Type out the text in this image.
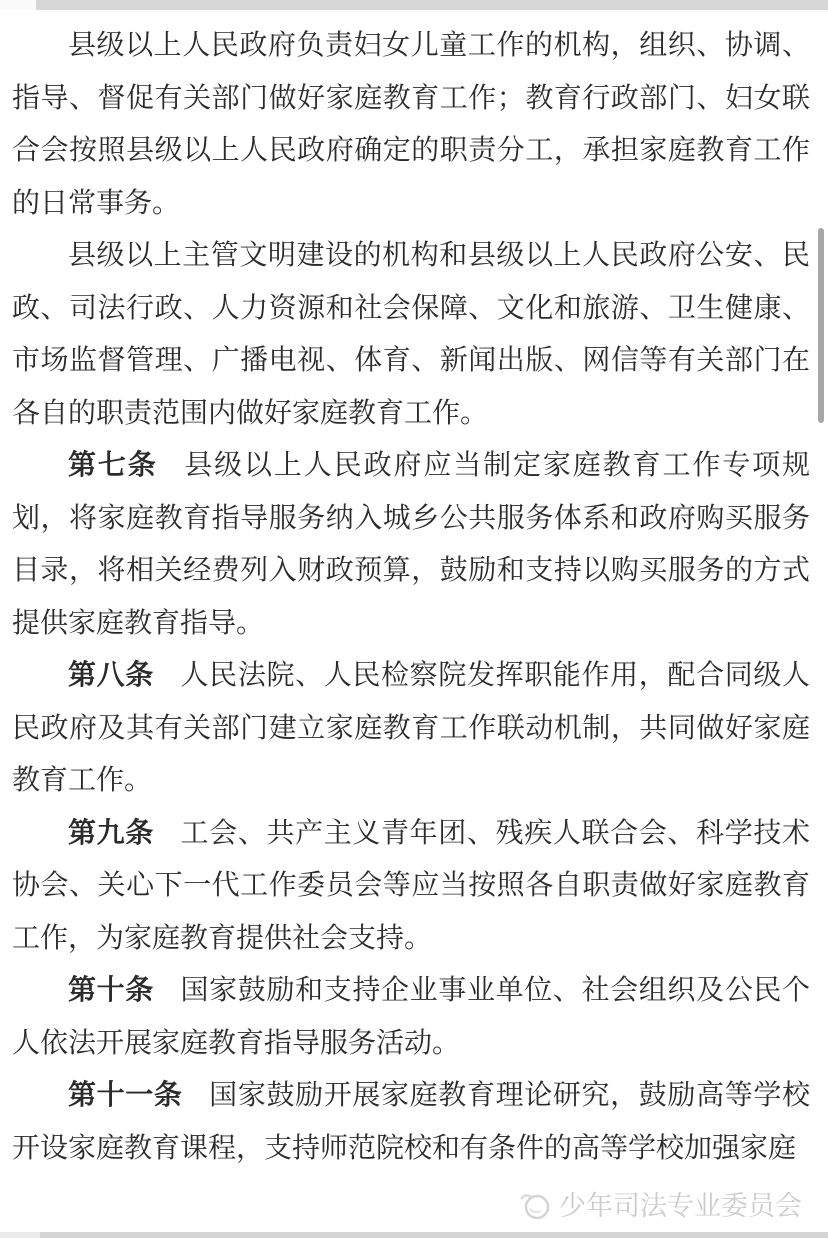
县级以上人民政府负责妇女儿童工作的机构，组织、协调、指导、督促有关部门做好家庭教育工作；教育行政部门、妇女联合会按照县级以上人民政府确定的职责分工，承担家庭教育工作的日常事务。

县级以上主管文明建设的机构和县级以上人民政府公安、民政、司法行政、人力资源和社会保障、文化和旅游、卫生健康、市场监督管理、广播电视、体育、新闻出版、网信等有关部门在各自的职责范围内做好家庭教育工作。

第七条 县级以上人民政府应当制定家庭教育工作专项规划，将家庭教育指导服务纳入城乡公共服务体系和政府购买服务目录，将相关经费列入财政预算，鼓励和支持以购买服务的方式提供家庭教育指导。

第八条 人民法院、人民检察院发挥职能作用，配合同级人民政府及其有关部门建立家庭教育工作联动机制，共同做好家庭教育工作。

第九条 工会、共产主义青年团、残疾人联合会、科学技术协会、关心下一代工作委员会等应当按照各自职责做好家庭教育工作，为家庭教育提供社会支持。

第十条 国家鼓励和支持企业事业单位、社会组织及公民个人依法开展家庭教育指导服务活动。

第十一条 国家鼓励开展家庭教育理论研究，鼓励高等学校开设家庭教育课程，支持师范院校和有条件的高等学校加强家庭

少年司法专业委员会
